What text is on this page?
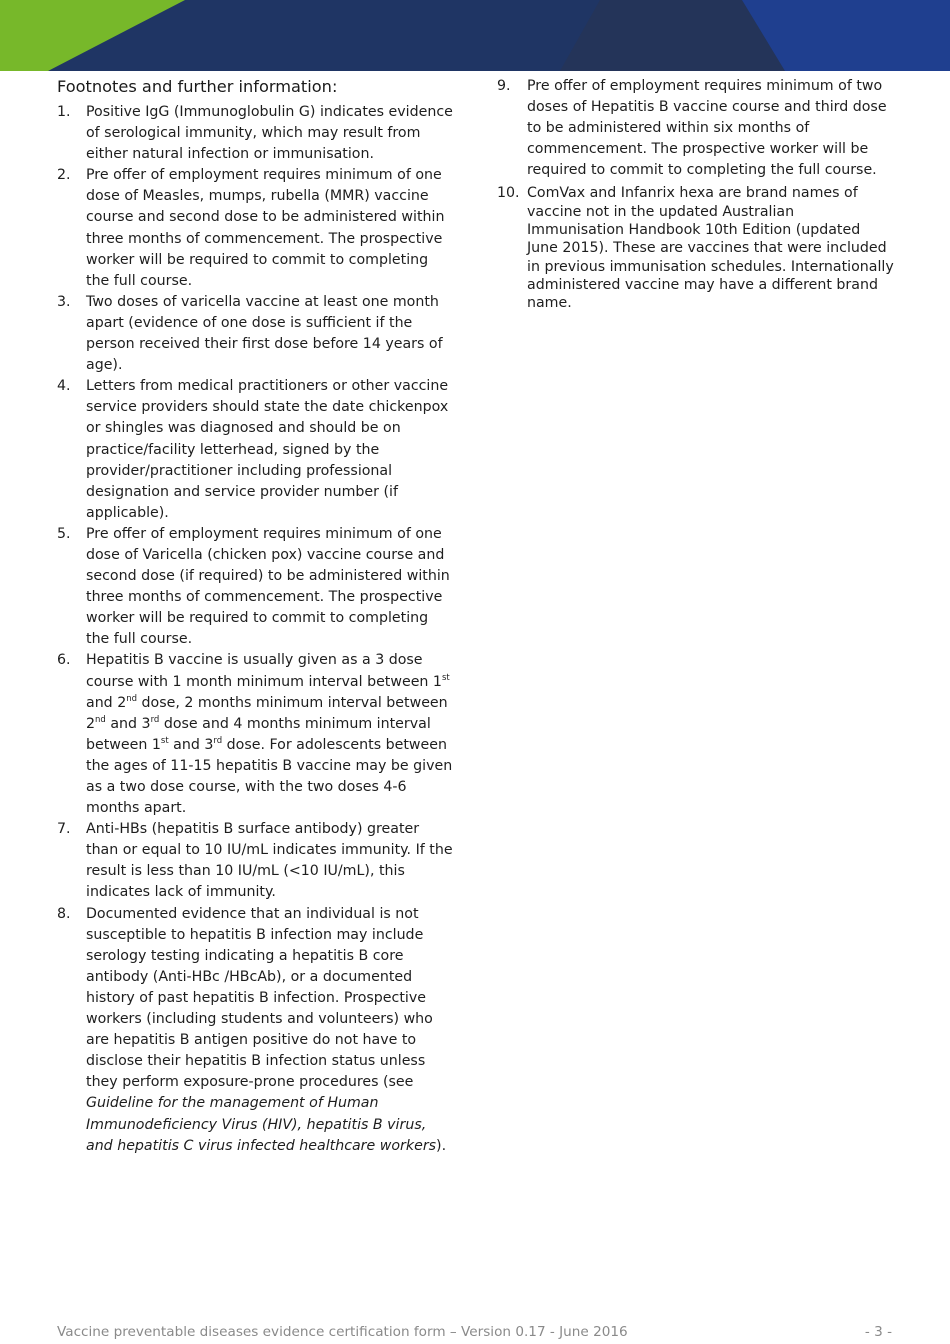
Footnotes and further information:
1. Positive IgG (Immunoglobulin G) indicates evidence of serological immunity, which may result from either natural infection or immunisation.
2. Pre offer of employment requires minimum of one dose of Measles, mumps, rubella (MMR) vaccine course and second dose to be administered within three months of commencement. The prospective worker will be required to commit to completing the full course.
3. Two doses of varicella vaccine at least one month apart (evidence of one dose is sufficient if the person received their first dose before 14 years of age).
4. Letters from medical practitioners or other vaccine service providers should state the date chickenpox or shingles was diagnosed and should be on practice/facility letterhead, signed by the provider/practitioner including professional designation and service provider number (if applicable).
5. Pre offer of employment requires minimum of one dose of Varicella (chicken pox) vaccine course and second dose (if required) to be administered within three months of commencement. The prospective worker will be required to commit to completing the full course.
6. Hepatitis B vaccine is usually given as a 3 dose course with 1 month minimum interval between 1st and 2nd dose, 2 months minimum interval between 2nd and 3rd dose and 4 months minimum interval between 1st and 3rd dose. For adolescents between the ages of 11-15 hepatitis B vaccine may be given as a two dose course, with the two doses 4-6 months apart.
7. Anti-HBs (hepatitis B surface antibody) greater than or equal to 10 IU/mL indicates immunity. If the result is less than 10 IU/mL (<10 IU/mL), this indicates lack of immunity.
8. Documented evidence that an individual is not susceptible to hepatitis B infection may include serology testing indicating a hepatitis B core antibody (Anti-HBc /HBcAb), or a documented history of past hepatitis B infection. Prospective workers (including students and volunteers) who are hepatitis B antigen positive do not have to disclose their hepatitis B infection status unless they perform exposure-prone procedures (see Guideline for the management of Human Immunodeficiency Virus (HIV), hepatitis B virus, and hepatitis C virus infected healthcare workers).
9. Pre offer of employment requires minimum of two doses of Hepatitis B vaccine course and third dose to be administered within six months of commencement. The prospective worker will be required to commit to completing the full course.
10. ComVax and Infanrix hexa are brand names of vaccine not in the updated Australian Immunisation Handbook 10th Edition (updated June 2015). These are vaccines that were included in previous immunisation schedules. Internationally administered vaccine may have a different brand name.
Vaccine preventable diseases evidence certification form – Version 0.17 - June 2016	- 3 -
